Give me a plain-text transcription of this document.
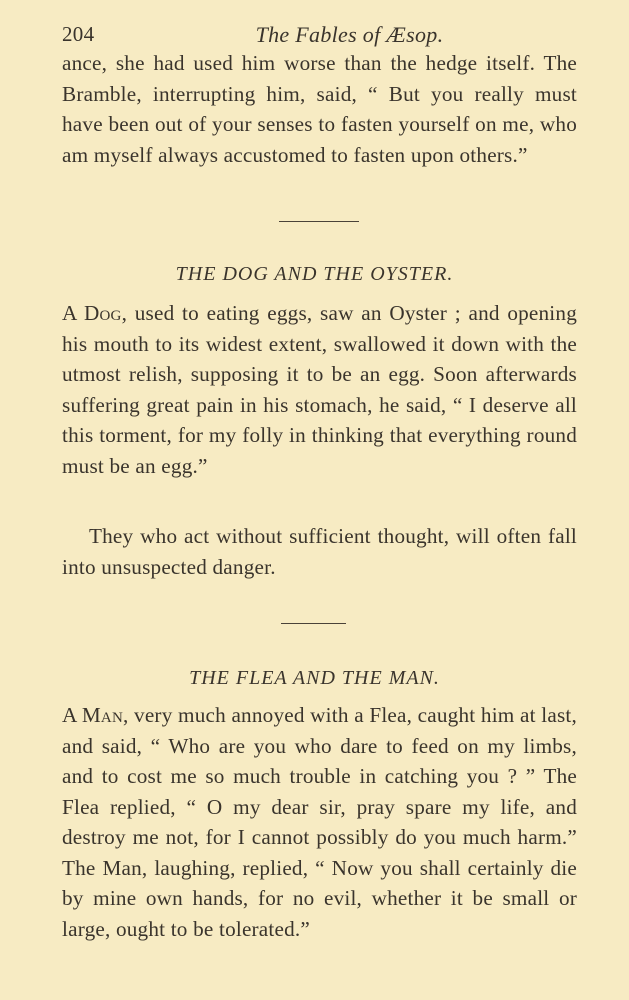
204	The Fables of Æsop.

ance, she had used him worse than the hedge itself. The Bramble, interrupting him, said, “ But you really must have been out of your senses to fasten yourself on me, who am myself always accustomed to fasten upon others.”

THE DOG AND THE OYSTER.

A Dog, used to eating eggs, saw an Oyster ; and opening his mouth to its widest extent, swallowed it down with the utmost relish, supposing it to be an egg. Soon afterwards suffering great pain in his stomach, he said, “ I deserve all this torment, for my folly in thinking that everything round must be an egg.”

They who act without sufficient thought, will often fall into unsuspected danger.

THE FLEA AND THE MAN.

A Man, very much annoyed with a Flea, caught him at last, and said, “ Who are you who dare to feed on my limbs, and to cost me so much trouble in catching you ? ” The Flea replied, “ O my dear sir, pray spare my life, and destroy me not, for I cannot possibly do you much harm.” The Man, laughing, replied, “ Now you shall certainly die by mine own hands, for no evil, whether it be small or large, ought to be tolerated.”
